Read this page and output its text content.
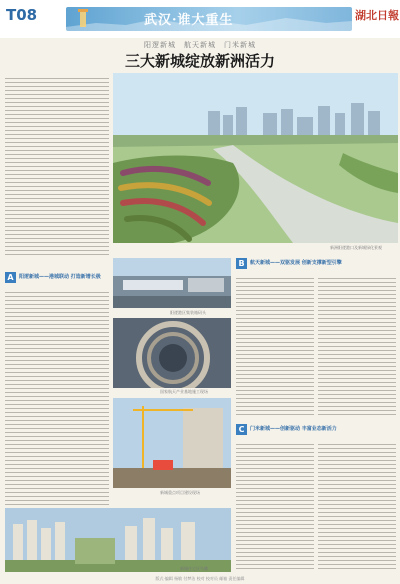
T08	武汉·谁大重生	湖北日報
阳逻新城　航天新城　门米新城
三大新城绽放新洲活力
新洲阳逻港口及新城绿化景观
A	阳逻新城——港城联动 打造新增长极
阳逻港区集装箱码头
国家航天产业基地施工现场
新城重点项目建设现场
新城住宅区鸟瞰
B	航天新城——双驱发展 创新支撑新型引擎
C	门米新城——创新驱动 丰富业态新活力
版式·编辑 杨敏 付梦洁 校对 校对员 邮箱 责任编辑
